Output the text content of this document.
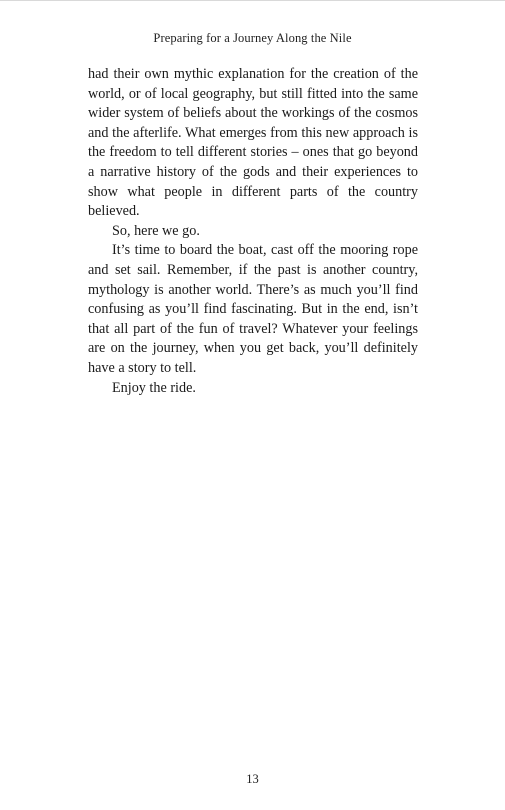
Preparing for a Journey Along the Nile

had their own mythic explanation for the creation of the world, or of local geography, but still fitted into the same wider system of beliefs about the workings of the cosmos and the afterlife. What emerges from this new approach is the freedom to tell different stories – ones that go beyond a narrative history of the gods and their experiences to show what people in different parts of the country believed.

So, here we go.

It’s time to board the boat, cast off the mooring rope and set sail. Remember, if the past is another country, mythology is another world. There’s as much you’ll find confusing as you’ll find fascinating. But in the end, isn’t that all part of the fun of travel? Whatever your feelings are on the journey, when you get back, you’ll definitely have a story to tell.

Enjoy the ride.

13
